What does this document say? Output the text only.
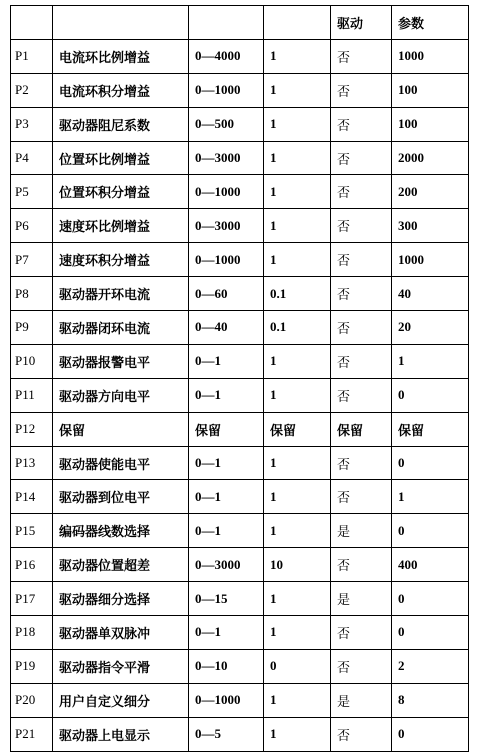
				驱动	参数
P1	电流环比例增益	0—4000	1	否	1000
P2	电流环积分增益	0—1000	1	否	100
P3	驱动器阻尼系数	0—500	1	否	100
P4	位置环比例增益	0—3000	1	否	2000
P5	位置环积分增益	0—1000	1	否	200
P6	速度环比例增益	0—3000	1	否	300
P7	速度环积分增益	0—1000	1	否	1000
P8	驱动器开环电流	0—60	0.1	否	40
P9	驱动器闭环电流	0—40	0.1	否	20
P10	驱动器报警电平	0—1	1	否	1
P11	驱动器方向电平	0—1	1	否	0
P12	保留	保留	保留	保留	保留
P13	驱动器使能电平	0—1	1	否	0
P14	驱动器到位电平	0—1	1	否	1
P15	编码器线数选择	0—1	1	是	0
P16	驱动器位置超差	0—3000	10	否	400
P17	驱动器细分选择	0—15	1	是	0
P18	驱动器单双脉冲	0—1	1	否	0
P19	驱动器指令平滑	0—10	0	否	2
P20	用户自定义细分	0—1000	1	是	8
P21	驱动器上电显示	0—5	1	否	0
